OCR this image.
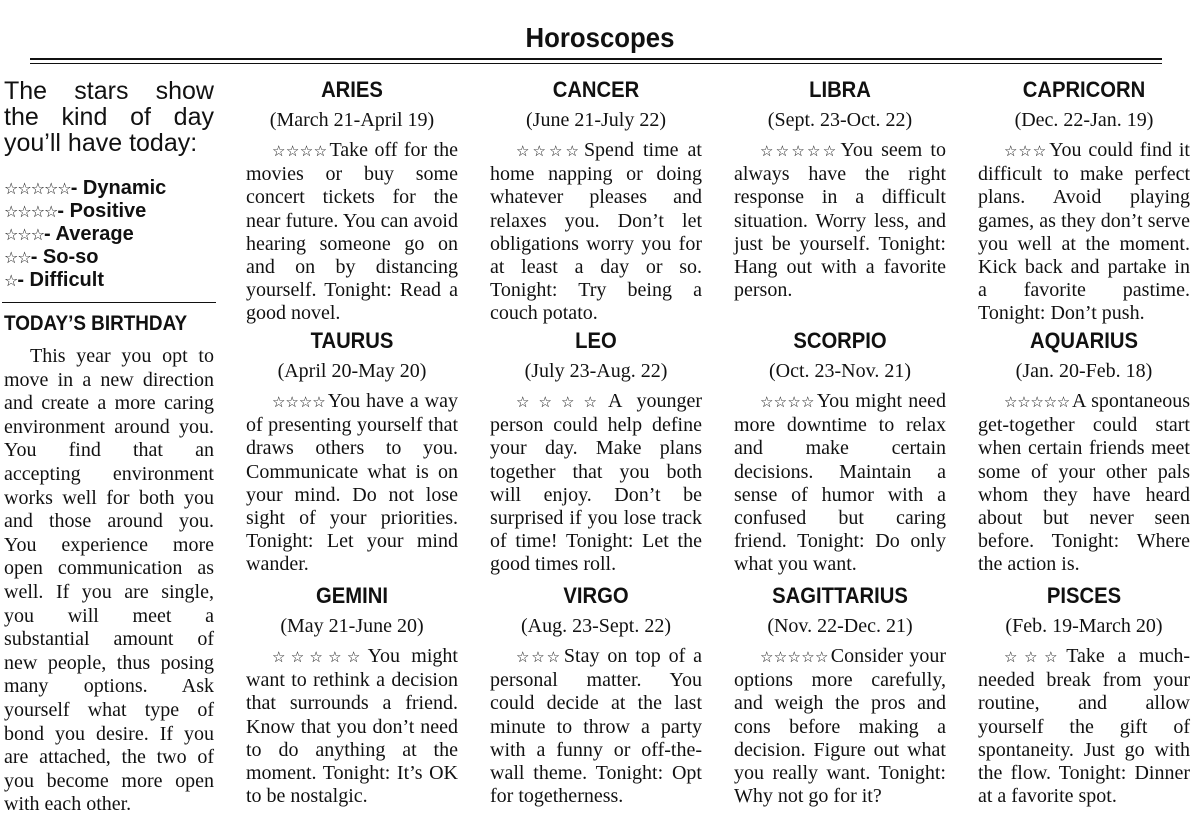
Horoscopes
The stars show the kind of day you’ll have today:
☆☆☆☆☆- Dynamic
☆☆☆☆- Positive
☆☆☆- Average
☆☆- So-so
☆- Difficult
TODAY’S BIRTHDAY
This year you opt to move in a new direction and create a more caring environment around you. You find that an accepting environment works well for both you and those around you. You experience more open communication as well. If you are single, you will meet a substantial amount of new people, thus posing many options. Ask yourself what type of bond you desire. If you are attached, the two of you become more open with each other.
ARIES
(March 21-April 19)
☆☆☆☆ Take off for the movies or buy some concert tickets for the near future. You can avoid hearing someone go on and on by distancing yourself. Tonight: Read a good novel.
TAURUS
(April 20-May 20)
☆☆☆☆ You have a way of presenting yourself that draws others to you. Communicate what is on your mind. Do not lose sight of your priorities. Tonight: Let your mind wander.
GEMINI
(May 21-June 20)
☆☆☆☆☆ You might want to rethink a decision that surrounds a friend. Know that you don’t need to do anything at the moment. Tonight: It’s OK to be nostalgic.
CANCER
(June 21-July 22)
☆☆☆☆ Spend time at home napping or doing whatever pleases and relaxes you. Don’t let obligations worry you for at least a day or so. Tonight: Try being a couch potato.
LEO
(July 23-Aug. 22)
☆☆☆☆ A younger person could help define your day. Make plans together that you both will enjoy. Don’t be surprised if you lose track of time! Tonight: Let the good times roll.
VIRGO
(Aug. 23-Sept. 22)
☆☆☆ Stay on top of a personal matter. You could decide at the last minute to throw a party with a funny or off-the-wall theme. Tonight: Opt for togetherness.
LIBRA
(Sept. 23-Oct. 22)
☆☆☆☆☆ You seem to always have the right response in a difficult situation. Worry less, and just be yourself. Tonight: Hang out with a favorite person.
SCORPIO
(Oct. 23-Nov. 21)
☆☆☆☆ You might need more downtime to relax and make certain decisions. Maintain a sense of humor with a confused but caring friend. Tonight: Do only what you want.
SAGITTARIUS
(Nov. 22-Dec. 21)
☆☆☆☆☆ Consider your options more carefully, and weigh the pros and cons before making a decision. Figure out what you really want. Tonight: Why not go for it?
CAPRICORN
(Dec. 22-Jan. 19)
☆☆☆ You could find it difficult to make perfect plans. Avoid playing games, as they don’t serve you well at the moment. Kick back and partake in a favorite pastime. Tonight: Don’t push.
AQUARIUS
(Jan. 20-Feb. 18)
☆☆☆☆☆ A spontaneous get-together could start when certain friends meet some of your other pals whom they have heard about but never seen before. Tonight: Where the action is.
PISCES
(Feb. 19-March 20)
☆☆☆ Take a much-needed break from your routine, and allow yourself the gift of spontaneity. Just go with the flow. Tonight: Dinner at a favorite spot.
